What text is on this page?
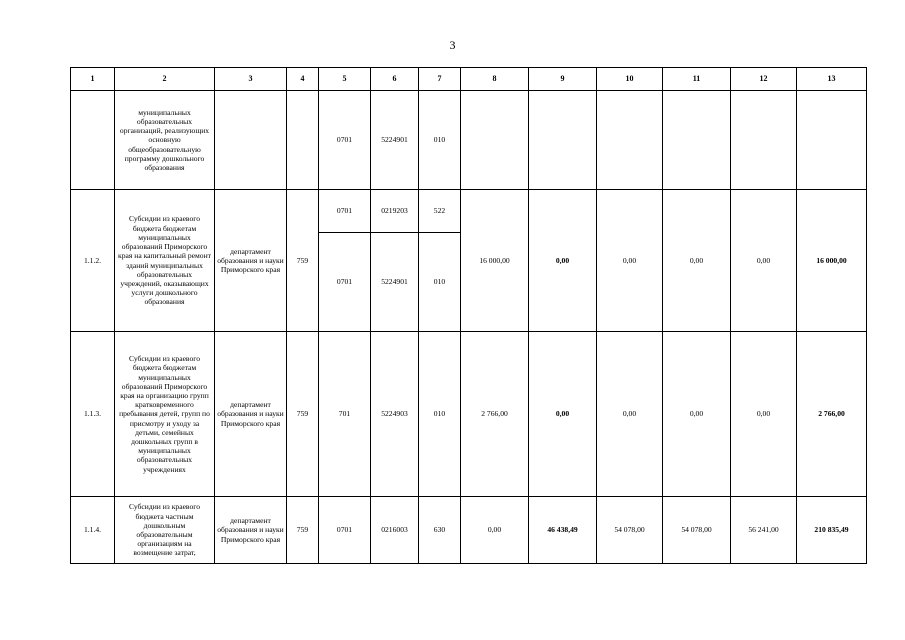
3
1	2	3	4	5	6	7	8	9	10	11	12	13
	муниципальных образовательных организаций, реализующих основную общеобразовательную программу дошкольного образования			0701	5224901	010						
1.1.2.	Субсидии из краевого бюджета бюджетам муниципальных образований Приморского края на капитальный ремонт зданий муниципальных образовательных учреждений, оказывающих услуги дошкольного образования	департамент образования и науки Приморского края	759	0701	0219203	522	16 000,00	0,00	0,00	0,00	0,00	16 000,00
				0701	5224901	010						
1.1.3.	Субсидии из краевого бюджета бюджетам муниципальных образований Приморского края на организацию групп кратковременного пребывания детей, групп по присмотру и уходу за детьми, семейных дошкольных групп в муниципальных образовательных учреждениях	департамент образования и науки Приморского края	759	701	5224903	010	2 766,00	0,00	0,00	0,00	0,00	2 766,00
1.1.4.	Субсидии из краевого бюджета частным дошкольным образовательным организациям на возмещение затрат,	департамент образования и науки Приморского края	759	0701	0216003	630	0,00	46 438,49	54 078,00	54 078,00	56 241,00	210 835,49
